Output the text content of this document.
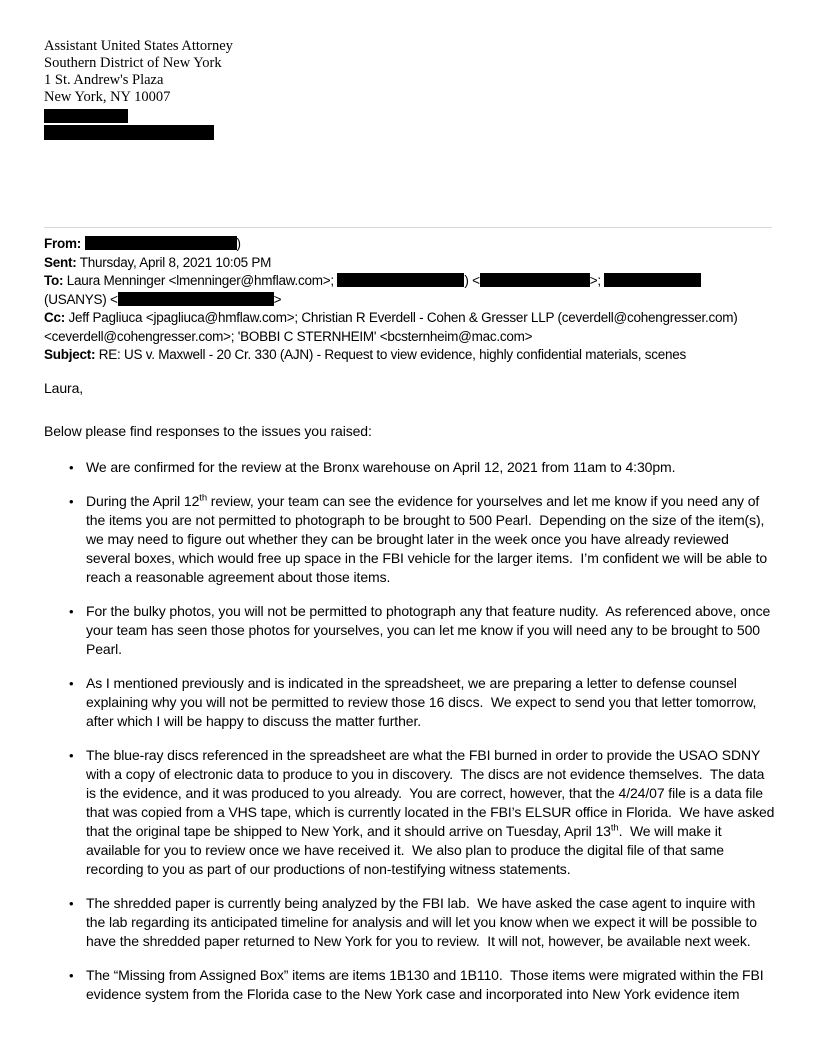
Assistant United States Attorney
Southern District of New York
1 St. Andrew's Plaza
New York, NY 10007
From:	)
Sent: Thursday, April 8, 2021 10:05 PM
To: Laura Menninger <lmenninger@hmflaw.com>;	) <	>;
(USANYS) <	>
Cc: Jeff Pagliuca <jpagliuca@hmflaw.com>; Christian R Everdell - Cohen & Gresser LLP (ceverdell@cohengresser.com)
<ceverdell@cohengresser.com>; 'BOBBI C STERNHEIM' <bcsternheim@mac.com>
Subject: RE: US v. Maxwell - 20 Cr. 330 (AJN) - Request to view evidence, highly confidential materials, scenes

Laura,

Below please find responses to the issues you raised:

• We are confirmed for the review at the Bronx warehouse on April 12, 2021 from 11am to 4:30pm.
• During the April 12th review, your team can see the evidence for yourselves and let me know if you need any of the items you are not permitted to photograph to be brought to 500 Pearl.  Depending on the size of the item(s), we may need to figure out whether they can be brought later in the week once you have already reviewed several boxes, which would free up space in the FBI vehicle for the larger items.  I’m confident we will be able to reach a reasonable agreement about those items.
• For the bulky photos, you will not be permitted to photograph any that feature nudity.  As referenced above, once your team has seen those photos for yourselves, you can let me know if you will need any to be brought to 500 Pearl.
• As I mentioned previously and is indicated in the spreadsheet, we are preparing a letter to defense counsel explaining why you will not be permitted to review those 16 discs.  We expect to send you that letter tomorrow, after which I will be happy to discuss the matter further.
• The blue-ray discs referenced in the spreadsheet are what the FBI burned in order to provide the USAO SDNY with a copy of electronic data to produce to you in discovery.  The discs are not evidence themselves.  The data is the evidence, and it was produced to you already.  You are correct, however, that the 4/24/07 file is a data file that was copied from a VHS tape, which is currently located in the FBI’s ELSUR office in Florida.  We have asked that the original tape be shipped to New York, and it should arrive on Tuesday, April 13th.  We will make it available for you to review once we have received it.  We also plan to produce the digital file of that same recording to you as part of our productions of non-testifying witness statements.
• The shredded paper is currently being analyzed by the FBI lab.  We have asked the case agent to inquire with the lab regarding its anticipated timeline for analysis and will let you know when we expect it will be possible to have the shredded paper returned to New York for you to review.  It will not, however, be available next week.
• The “Missing from Assigned Box” items are items 1B130 and 1B110.  Those items were migrated within the FBI evidence system from the Florida case to the New York case and incorporated into New York evidence item
